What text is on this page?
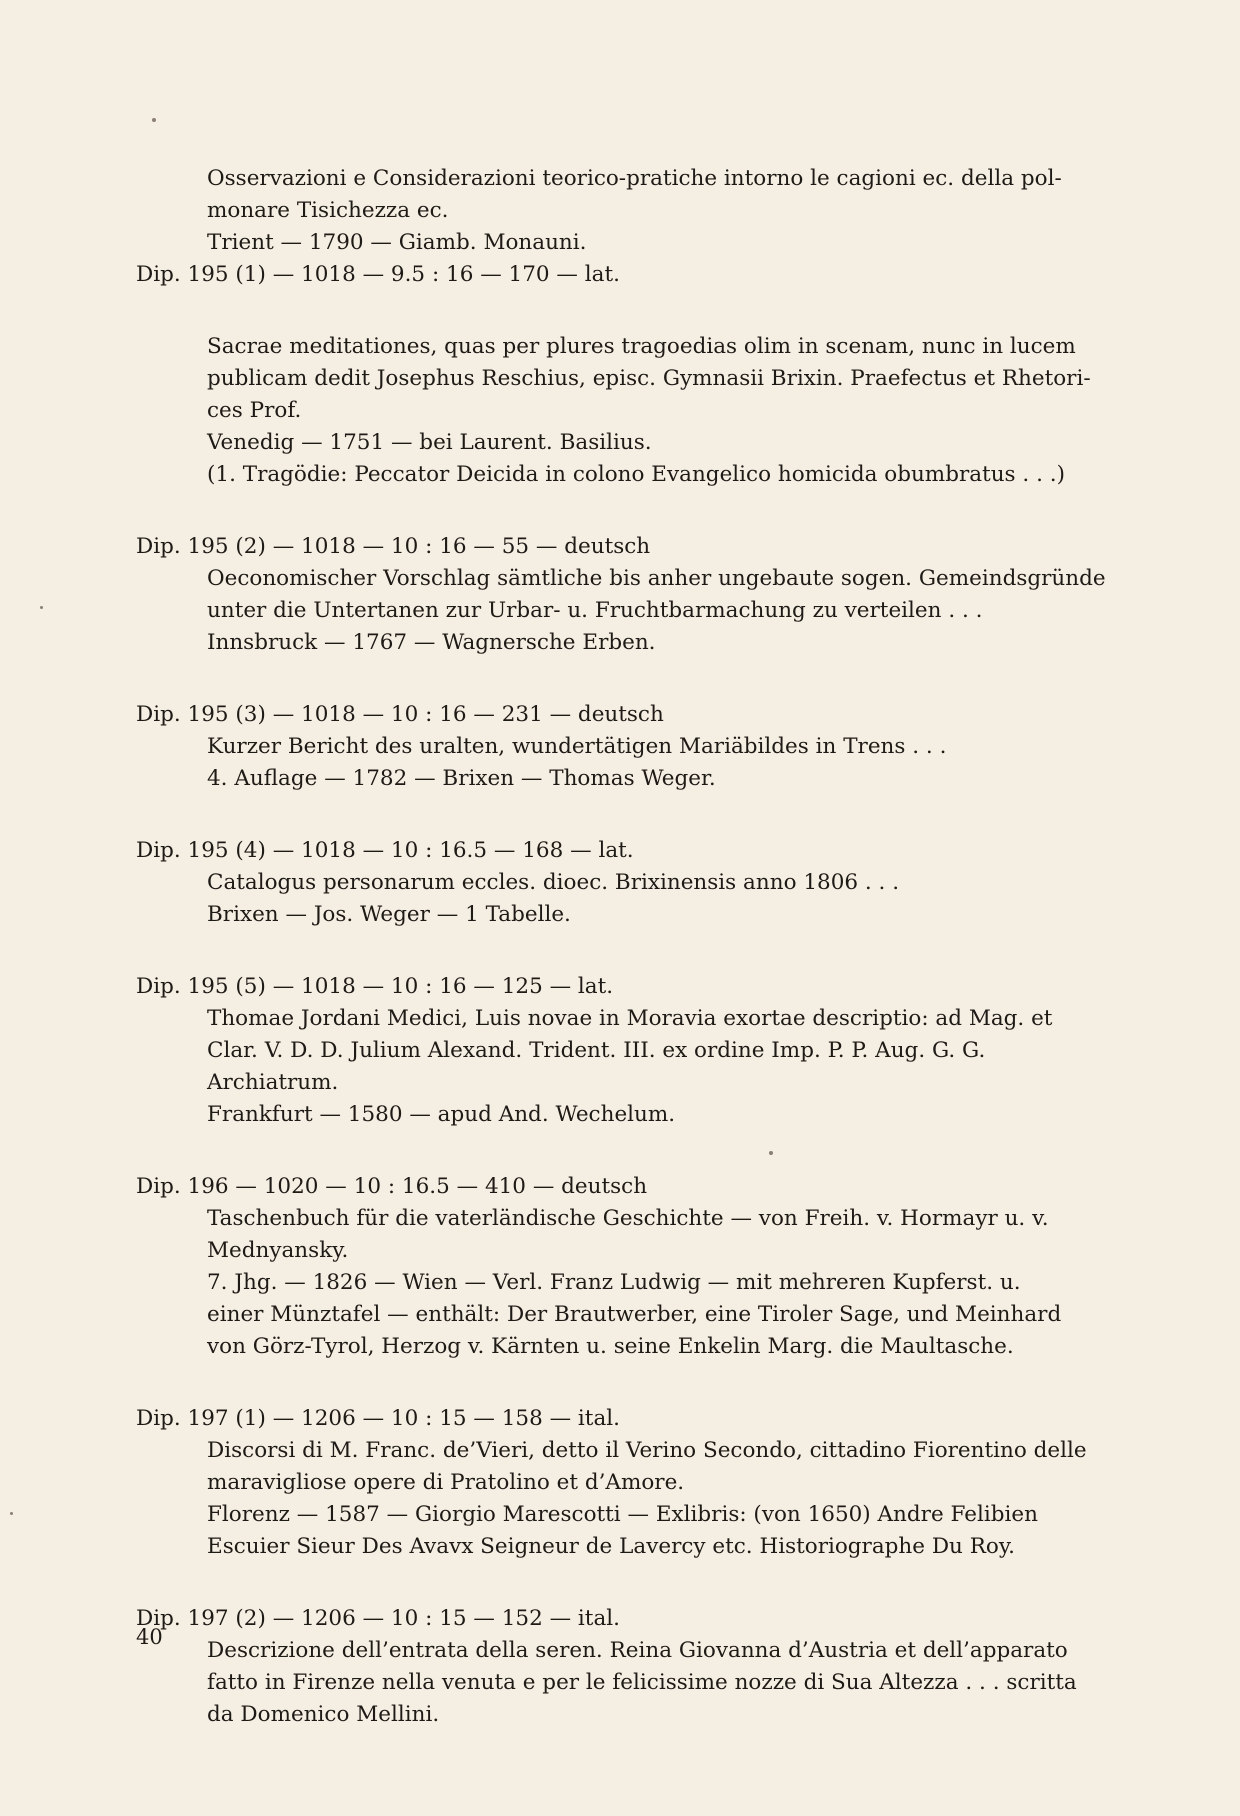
Osservazioni e Considerazioni teorico-pratiche intorno le cagioni ec. della pol-
monare Tisichezza ec.
Trient — 1790 — Giamb. Monauni.
Dip. 195 (1) — 1018 — 9.5 : 16 — 170 — lat.
Sacrae meditationes, quas per plures tragoedias olim in scenam, nunc in lucem
publicam dedit Josephus Reschius, episc. Gymnasii Brixin. Praefectus et Rhetori-
ces Prof.
Venedig — 1751 — bei Laurent. Basilius.
(1. Tragödie: Peccator Deicida in colono Evangelico homicida obumbratus . . .)
Dip. 195 (2) — 1018 — 10 : 16 — 55 — deutsch
Oeconomischer Vorschlag sämtliche bis anher ungebaute sogen. Gemeindsgründe
unter die Untertanen zur Urbar- u. Fruchtbarmachung zu verteilen . . .
Innsbruck — 1767 — Wagnersche Erben.
Dip. 195 (3) — 1018 — 10 : 16 — 231 — deutsch
Kurzer Bericht des uralten, wundertätigen Mariäbildes in Trens . . .
4. Auflage — 1782 — Brixen — Thomas Weger.
Dip. 195 (4) — 1018 — 10 : 16.5 — 168 — lat.
Catalogus personarum eccles. dioec. Brixinensis anno 1806 . . .
Brixen — Jos. Weger — 1 Tabelle.
Dip. 195 (5) — 1018 — 10 : 16 — 125 — lat.
Thomae Jordani Medici, Luis novae in Moravia exortae descriptio: ad Mag. et
Clar. V. D. D. Julium Alexand. Trident. III. ex ordine Imp. P. P. Aug. G. G.
Archiatrum.
Frankfurt — 1580 — apud And. Wechelum.
Dip. 196 — 1020 — 10 : 16.5 — 410 — deutsch
Taschenbuch für die vaterländische Geschichte — von Freih. v. Hormayr u. v.
Mednyansky.
7. Jhg. — 1826 — Wien — Verl. Franz Ludwig — mit mehreren Kupferst. u.
einer Münztafel — enthält: Der Brautwerber, eine Tiroler Sage, und Meinhard
von Görz-Tyrol, Herzog v. Kärnten u. seine Enkelin Marg. die Maultasche.
Dip. 197 (1) — 1206 — 10 : 15 — 158 — ital.
Discorsi di M. Franc. de’Vieri, detto il Verino Secondo, cittadino Fiorentino delle
maravigliose opere di Pratolino et d’Amore.
Florenz — 1587 — Giorgio Marescotti — Exlibris: (von 1650) Andre Felibien
Escuier Sieur Des Avavx Seigneur de Lavercy etc. Historiographe Du Roy.
Dip. 197 (2) — 1206 — 10 : 15 — 152 — ital.
Descrizione dell’entrata della seren. Reina Giovanna d’Austria et dell’apparato
fatto in Firenze nella venuta e per le felicissime nozze di Sua Altezza . . . scritta
da Domenico Mellini.
40
